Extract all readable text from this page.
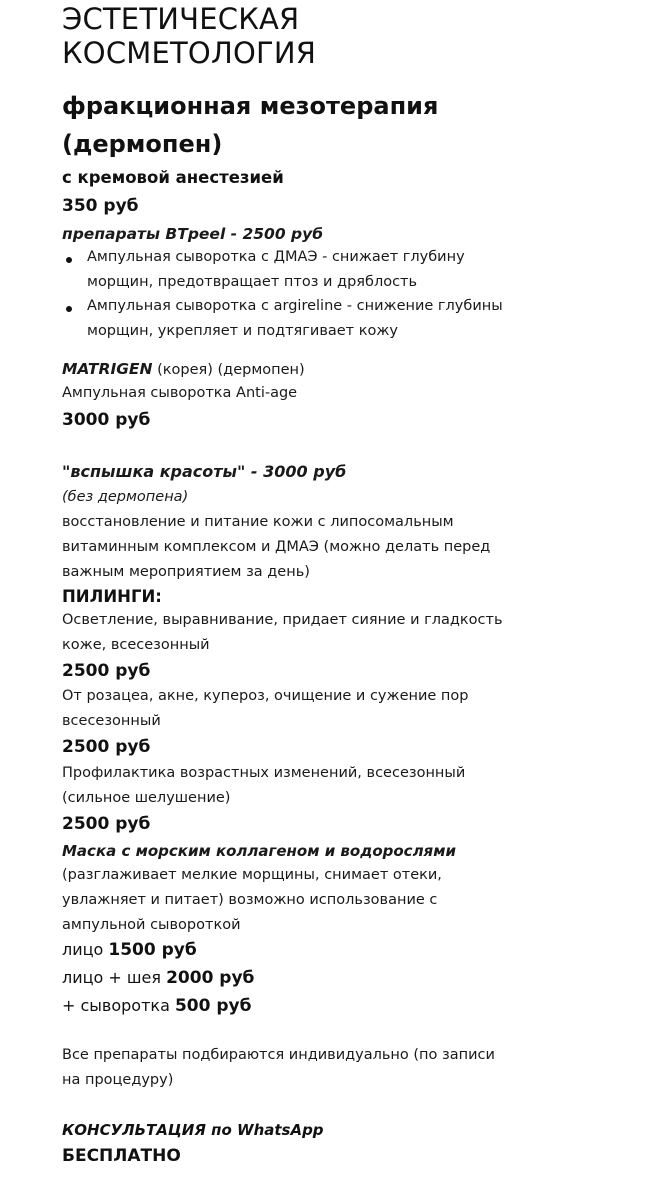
ЭСТЕТИЧЕСКАЯ
КОСМЕТОЛОГИЯ
фракционная мезотерапия
(дермопен)
с кремовой анестезией
350 руб
препараты BTpeel - 2500 руб
Ампульная сыворотка с ДМАЭ - снижает глубину
морщин, предотвращает птоз и дряблость
Ампульная сыворотка с argireline - снижение глубины
морщин, укрепляет и подтягивает кожу
MATRIGEN (корея) (дермопен)
Ампульная сыворотка Anti-age
3000 руб
"вспышка красоты" - 3000 руб
(без дермопена)
восстановление и питание кожи с липосомальным
витаминным комплексом и ДМАЭ (можно делать перед
важным мероприятием за день)
ПИЛИНГИ:
Осветление, выравнивание, придает сияние и гладкость
коже, всесезонный
2500 руб
От розацеа, акне, купероз, очищение и сужение пор
всесезонный
2500 руб
Профилактика возрастных изменений, всесезонный
(сильное шелушение)
2500 руб
Маска с морским коллагеном и водорослями
(разглаживает мелкие морщины, снимает отеки,
увлажняет и питает) возможно использование с
ампульной сывороткой
лицо 1500 руб
лицо + шея 2000 руб
+ сыворотка 500 руб
Все препараты подбираются индивидуально (по записи
на процедуру)
КОНСУЛЬТАЦИЯ по WhatsApp
БЕСПЛАТНО
